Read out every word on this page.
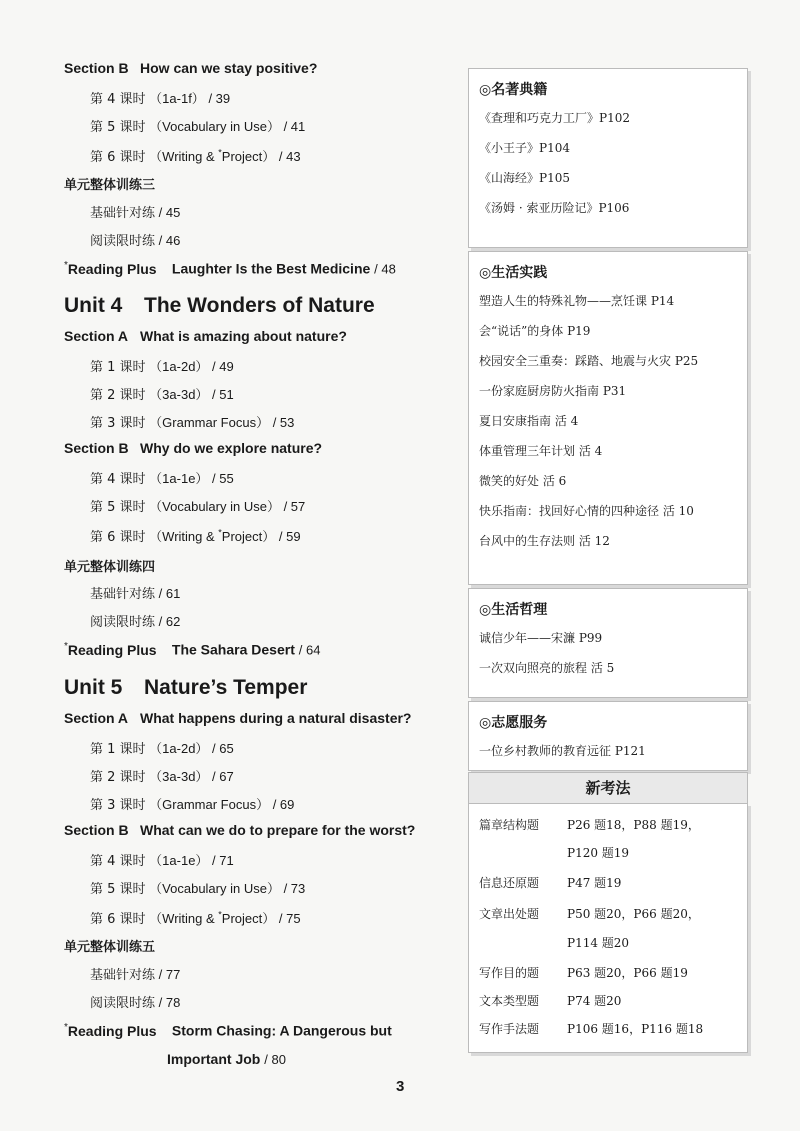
Section B How can we stay positive?
第 4 课时 （1a-1f） / 39
第 5 课时 （Vocabulary in Use） / 41
第 6 课时 （Writing & *Project） / 43
单元整体训练三
基础针对练 / 45
阅读限时练 / 46
*Reading Plus Laughter Is the Best Medicine / 48
Unit 4 The Wonders of Nature
Section A What is amazing about nature?
第 1 课时 （1a-2d） / 49
第 2 课时 （3a-3d） / 51
第 3 课时 （Grammar Focus） / 53
Section B Why do we explore nature?
第 4 课时 （1a-1e） / 55
第 5 课时 （Vocabulary in Use） / 57
第 6 课时 （Writing & *Project） / 59
单元整体训练四
基础针对练 / 61
阅读限时练 / 62
*Reading Plus The Sahara Desert / 64
Unit 5 Nature’s Temper
Section A What happens during a natural disaster?
第 1 课时 （1a-2d） / 65
第 2 课时 （3a-3d） / 67
第 3 课时 （Grammar Focus） / 69
Section B What can we do to prepare for the worst?
第 4 课时 （1a-1e） / 71
第 5 课时 （Vocabulary in Use） / 73
第 6 课时 （Writing & *Project） / 75
单元整体训练五
基础针对练 / 77
阅读限时练 / 78
*Reading Plus Storm Chasing: A Dangerous but
Important Job / 80
◎名著典籍
《查理和巧克力工厂》P102
《小王子》P104
《山海经》P105
《汤姆 · 索亚历险记》P106
◎生活实践
塑造人生的特殊礼物——烹饪课 P14
会“说话”的身体 P19
校园安全三重奏：踩踏、地震与火灾 P25
一份家庭厨房防火指南 P31
夏日安康指南 活 4
体重管理三年计划 活 4
微笑的好处 活 6
快乐指南：找回好心情的四种途径 活 10
台风中的生存法则 活 12
◎生活哲理
诚信少年——宋濂 P99
一次双向照亮的旅程 活 5
◎志愿服务
一位乡村教师的教育远征 P121
新考法
篇章结构题 P26 题18，P88 题19，
P120 题19
信息还原题 P47 题19
文章出处题 P50 题20，P66 题20，
P114 题20
写作目的题 P63 题20，P66 题19
文本类型题 P74 题20
写作手法题 P106 题16，P116 题18
3
